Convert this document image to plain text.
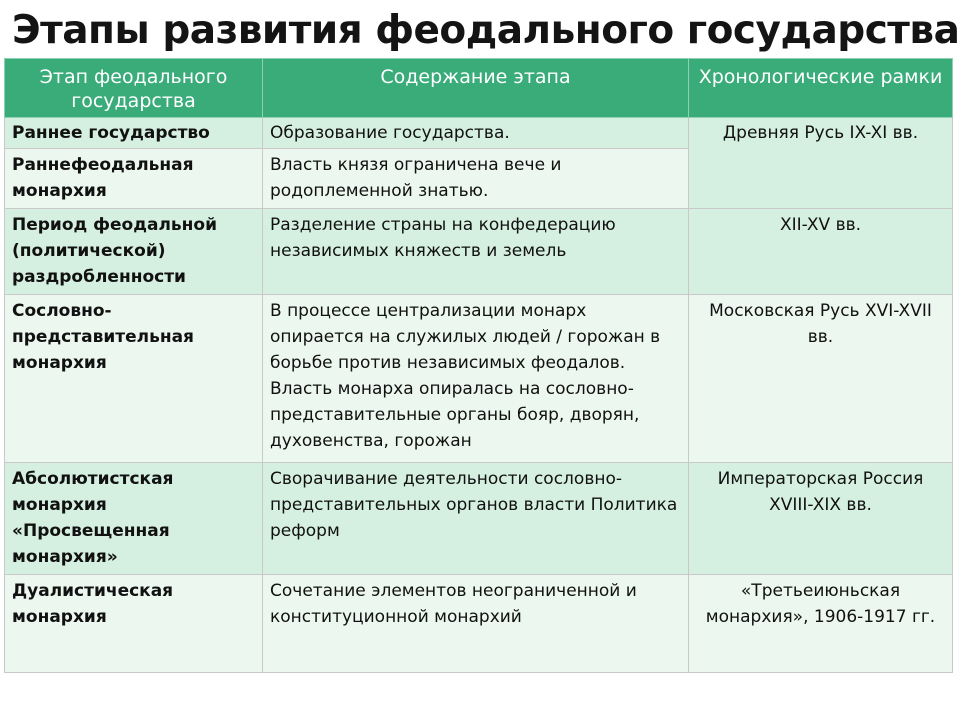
Этапы развития феодального государства
Этап феодального государства	Содержание этапа	Хронологические рамки
Раннее государство	Образование государства.	Древняя Русь IX-XI вв.
Раннефеодальная монархия	Власть князя ограничена вече и родоплеменной знатью.	
Период феодальной (политической) раздробленности	Разделение страны на конфедерацию независимых княжеств и земель	XII-XV вв.
Сословно-представительная монархия	В процессе централизации монарх опирается на служилых людей / горожан в борьбе против независимых феодалов. Власть монарха опиралась на сословно-представительные органы бояр, дворян, духовенства, горожан	Московская Русь XVI-XVII вв.
Абсолютистская монархия «Просвещенная монархия»	Сворачивание деятельности сословно-представительных органов власти Политика реформ	Императорская Россия XVIII-XIX вв.
Дуалистическая монархия	Сочетание элементов неограниченной и конституционной монархий	«Третьеиюньская монархия», 1906-1917 гг.
